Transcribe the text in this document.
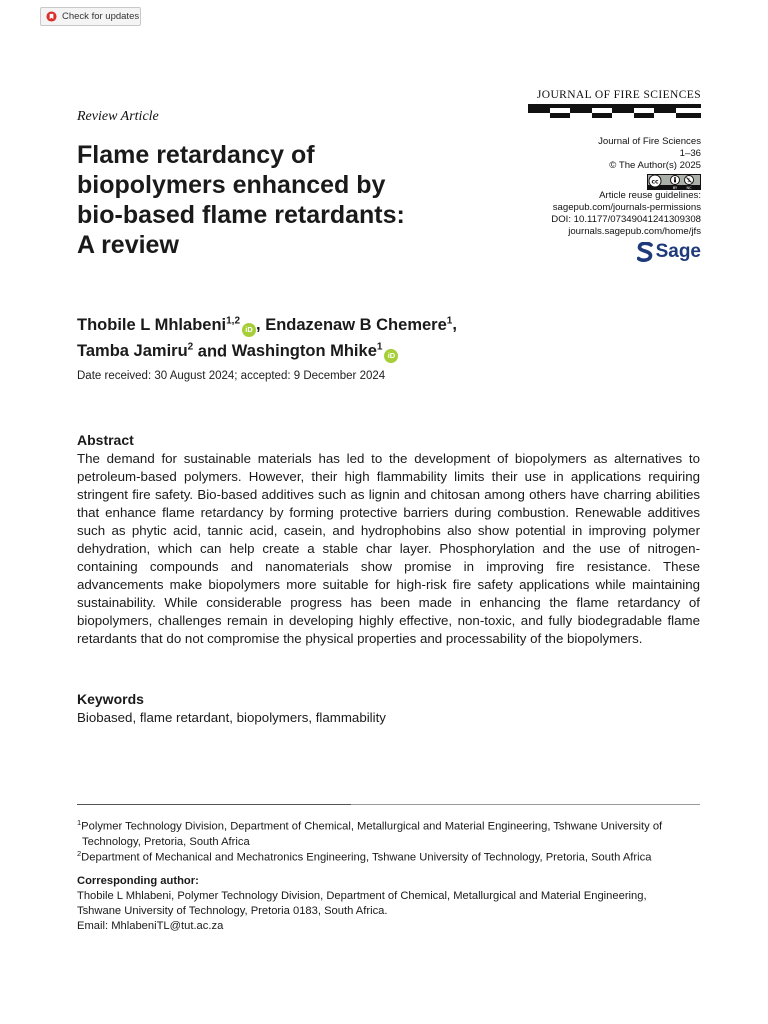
Check for updates
JOURNAL OF FIRE SCIENCES
Review Article
Flame retardancy of biopolymers enhanced by bio-based flame retardants: A review
Journal of Fire Sciences
1–36
© The Author(s) 2025
cc	$
BY	NC
Article reuse guidelines:
sagepub.com/journals-permissions
DOI: 10.1177/07349041241309308
journals.sagepub.com/home/jfs
Sage
Thobile L Mhlabeni$^{1,2}$iD , Endazenaw B Chemere$^1$,
Tamba Jamiru$^2$ and Washington Mhike$^1$iD
Date received: 30 August 2024; accepted: 9 December 2024
Abstract

The demand for sustainable materials has led to the development of biopolymers as alternatives to petroleum-based polymers. However, their high flammability limits their use in applications requiring stringent fire safety. Bio-based additives such as lignin and chitosan among others have charring abilities that enhance flame retardancy by forming protective barriers during combustion. Renewable additives such as phytic acid, tannic acid, casein, and hydrophobins also show potential in improving polymer dehydration, which can help create a stable char layer. Phosphorylation and the use of nitrogen-containing compounds and nanomaterials show promise in improving fire resistance. These advancements make biopolymers more suitable for high-risk fire safety applications while maintaining sustainability. While considerable progress has been made in enhancing the flame retardancy of biopolymers, challenges remain in developing highly effective, non-toxic, and fully biodegradable flame retardants that do not compromise the physical properties and processability of the biopolymers.

Keywords
Biobased, flame retardant, biopolymers, flammability
$^1$Polymer Technology Division, Department of Chemical, Metallurgical and Material Engineering, Tshwane University of
Technology, Pretoria, South Africa
$^2$Department of Mechanical and Mechatronics Engineering, Tshwane University of Technology, Pretoria, South Africa
Corresponding author:
Thobile L Mhlabeni, Polymer Technology Division, Department of Chemical, Metallurgical and Material Engineering,
Tshwane University of Technology, Pretoria 0183, South Africa.
Email: MhlabeniTL@tut.ac.za
